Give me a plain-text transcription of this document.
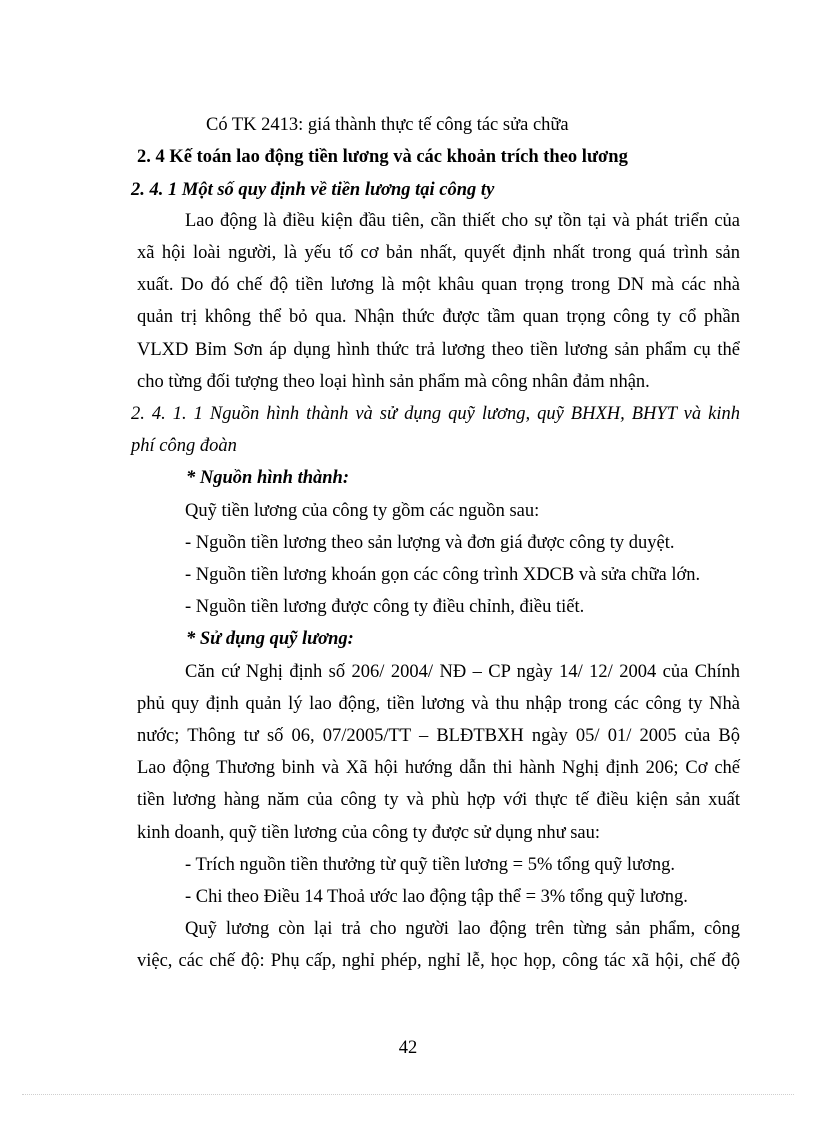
Có TK 2413: giá thành thực tế công tác sửa chữa
2. 4 Kế toán lao động tiền lương và các khoản trích theo lương
2. 4. 1 Một số quy định về tiền lương tại công ty
Lao động là điều kiện đầu tiên, cần thiết cho sự tồn tại và phát triển của
xã hội loài người, là yếu tố cơ bản nhất, quyết định nhất trong quá trình sản
xuất. Do đó chế độ tiền lương là một khâu quan trọng trong DN mà các nhà
quản trị không thể bỏ qua. Nhận thức được tầm quan trọng công ty cổ phần
VLXD Bỉm Sơn áp dụng hình thức trả lương theo tiền lương sản phẩm cụ thể
cho từng đối tượng theo loại hình sản phẩm mà công nhân đảm nhận.
2. 4. 1. 1 Nguồn hình thành và sử dụng quỹ lương, quỹ BHXH, BHYT và kinh
phí công đoàn
* Nguồn hình thành:
Quỹ tiền lương của công ty gồm các nguồn sau:
- Nguồn tiền lương theo sản lượng và đơn giá được công ty duyệt.
- Nguồn tiền lương khoán gọn các công trình XDCB và sửa chữa lớn.
- Nguồn tiền lương được công ty điều chỉnh, điều tiết.
* Sử dụng quỹ lương:
Căn cứ Nghị định số 206/ 2004/ NĐ – CP ngày 14/ 12/ 2004 của Chính
phủ quy định quản lý lao động, tiền lương và thu nhập trong các công ty Nhà
nước; Thông tư số 06, 07/2005/TT – BLĐTBXH ngày 05/ 01/ 2005 của Bộ
Lao động Thương binh và Xã hội hướng dẫn thi hành Nghị định 206; Cơ chế
tiền lương hàng năm của công ty và phù hợp với thực tế điều kiện sản xuất
kinh doanh, quỹ tiền lương của công ty được sử dụng như sau:
- Trích nguồn tiền thưởng từ quỹ tiền lương = 5% tổng quỹ lương.
- Chi theo Điều 14 Thoả ước lao động tập thể = 3% tổng quỹ lương.
Quỹ lương còn lại trả cho người lao động trên từng sản phẩm, công
việc, các chế độ: Phụ cấp, nghỉ phép, nghỉ lễ, học họp, công tác xã hội, chế độ
42
